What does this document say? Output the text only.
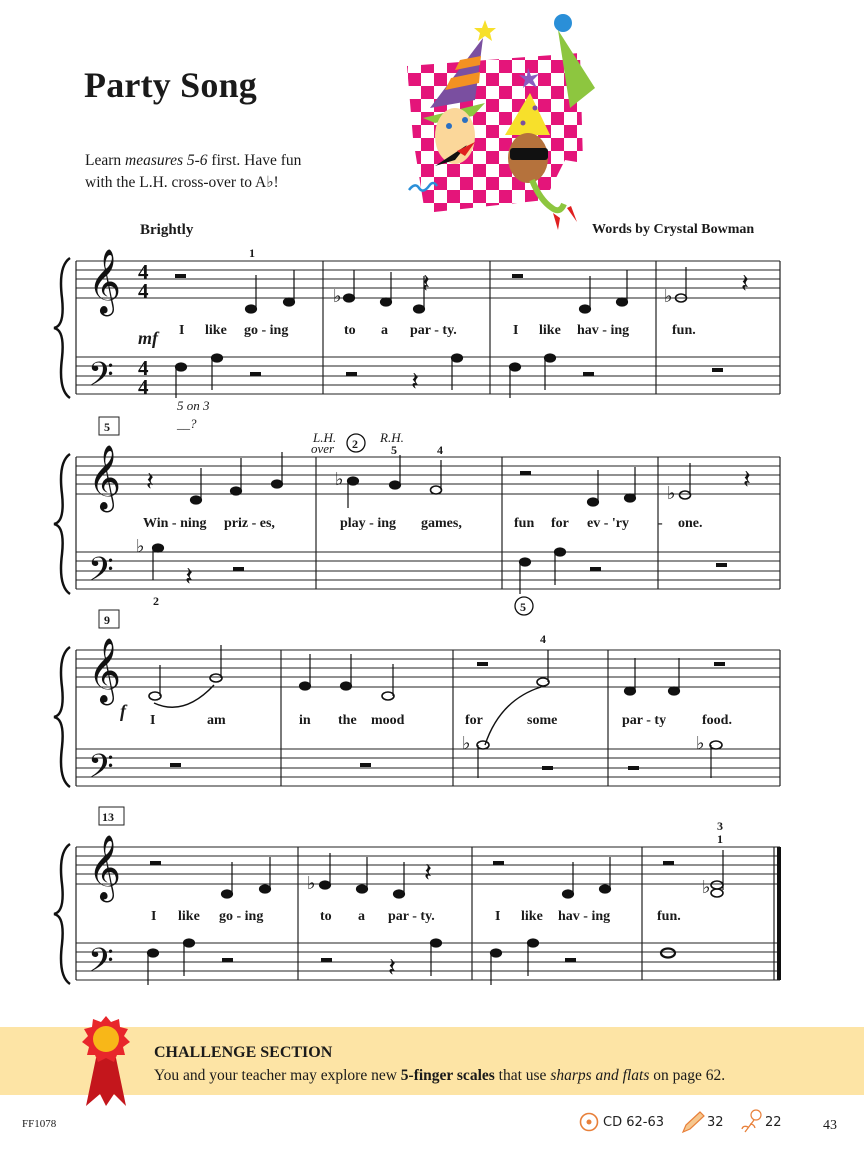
Party Song
Learn measures 5-6 first. Have fun
with the L.H. cross-over to A♭!
Brightly	Words by Crystal Bowman
𝄞
𝄢
𝄞
𝄢
𝄞
𝄢
𝄞
𝄢
4
4
4
4
mf
f
5
9
13
𝄽	𝄽
𝄽
𝄽	𝄽
𝄽
𝄽
𝄽
♭	♭
♭
♭
♭
♭	♭
♭	♭
1
5 on 3
__?
L.H.
over 2 R.H.
5	4
2	5
4
3
1
I like go - ing	to a par - ty.	I like hav - ing	fun.
Win - ning priz - es,	play - ing games,	fun for ev - 'ry - one.
I	am	in the mood	for	some	par - ty	food.
I like go - ing	to a par - ty.	I like hav - ing	fun.
CHALLENGE SECTION
You and your teacher may explore new 5-finger scales that use sharps and flats on page 62.
FF1078	CD 62-63	32	22	43
